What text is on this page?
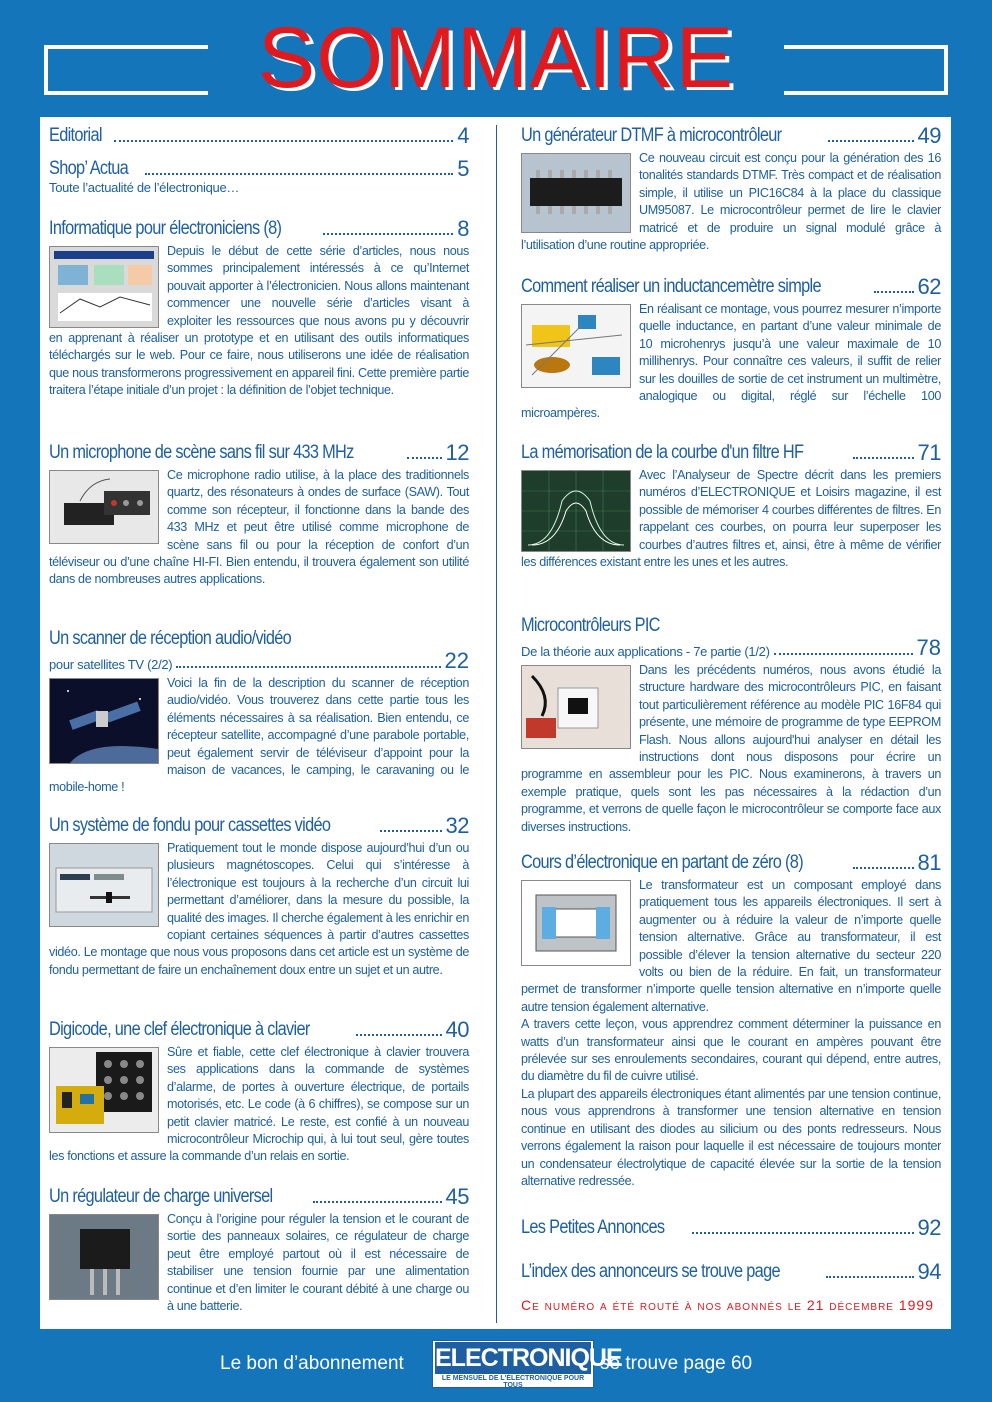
SOMMAIRE
Editorial	4
Shop’ Actua	5
Toute l’actualité de l’électronique…
Informatique pour électroniciens (8)	8
Depuis le début de cette série d’articles, nous nous sommes principalement intéressés à ce qu’Internet pouvait apporter à l’électronicien. Nous allons maintenant commencer une nouvelle série d’articles visant à exploiter les ressources que nous avons pu y découvrir en apprenant à réaliser un prototype et en utilisant des outils informatiques téléchargés sur le web. Pour ce faire, nous utiliserons une idée de réalisation que nous transformerons progressivement en appareil fini. Cette première partie traitera l’étape initiale d’un projet : la définition de l’objet technique.
Un microphone de scène sans fil sur 433 MHz	12
Ce microphone radio utilise, à la place des traditionnels quartz, des résonateurs à ondes de surface (SAW). Tout comme son récepteur, il fonctionne dans la bande des 433 MHz et peut être utilisé comme microphone de scène sans fil ou pour la réception de confort d’un téléviseur ou d’une chaîne HI-FI. Bien entendu, il trouvera également son utilité dans de nombreuses autres applications.
Un scanner de réception audio/vidéo
pour satellites TV (2/2)	22
Voici la fin de la description du scanner de réception audio/vidéo. Vous trouverez dans cette partie tous les éléments nécessaires à sa réalisation. Bien entendu, ce récepteur satellite, accompagné d’une parabole portable, peut également servir de téléviseur d’appoint pour la maison de vacances, le camping, le caravaning ou le mobile-home !
Un système de fondu pour cassettes vidéo	32
Pratiquement tout le monde dispose aujourd’hui d’un ou plusieurs magnétoscopes. Celui qui s’intéresse à l’électronique est toujours à la recherche d’un circuit lui permettant d’améliorer, dans la mesure du possible, la qualité des images. Il cherche également à les enrichir en copiant certaines séquences à partir d’autres cassettes vidéo. Le montage que nous vous proposons dans cet article est un système de fondu permettant de faire un enchaînement doux entre un sujet et un autre.
Digicode, une clef électronique à clavier	40
Sûre et fiable, cette clef électronique à clavier trouvera ses applications dans la commande de systèmes d’alarme, de portes à ouverture électrique, de portails motorisés, etc. Le code (à 6 chiffres), se compose sur un petit clavier matricé. Le reste, est confié à un nouveau microcontrôleur Microchip qui, à lui tout seul, gère toutes les fonctions et assure la commande d’un relais en sortie.
Un régulateur de charge universel	45
Conçu à l’origine pour réguler la tension et le courant de sortie des panneaux solaires, ce régulateur de charge peut être employé partout où il est nécessaire de stabiliser une tension fournie par une alimentation continue et d’en limiter le courant débité à une charge ou à une batterie.
Un générateur DTMF à microcontrôleur	49
Ce nouveau circuit est conçu pour la génération des 16 tonalités standards DTMF. Très compact et de réalisation simple, il utilise un PIC16C84 à la place du classique UM95087. Le microcontrôleur permet de lire le clavier matricé et de produire un signal modulé grâce à l’utilisation d’une routine appropriée.
Comment réaliser un inductancemètre simple	62
En réalisant ce montage, vous pourrez mesurer n’importe quelle inductance, en partant d’une valeur minimale de 10 microhenrys jusqu’à une valeur maximale de 10 millihenrys. Pour connaître ces valeurs, il suffit de relier sur les douilles de sortie de cet instrument un multimètre, analogique ou digital, réglé sur l’échelle 100 microampères.
La mémorisation de la courbe d'un filtre HF	71
Avec l’Analyseur de Spectre décrit dans les premiers numéros d’ELECTRONIQUE et Loisirs magazine, il est possible de mémoriser 4 courbes différentes de filtres. En rappelant ces courbes, on pourra leur superposer les courbes d’autres filtres et, ainsi, être à même de vérifier les différences existant entre les unes et les autres.
Microcontrôleurs PIC
De la théorie aux applications - 7e partie (1/2)	78
Dans les précédents numéros, nous avons étudié la structure hardware des microcontrôleurs PIC, en faisant tout particulièrement référence au modèle PIC 16F84 qui présente, une mémoire de programme de type EEPROM Flash. Nous allons aujourd'hui analyser en détail les instructions dont nous disposons pour écrire un programme en assembleur pour les PIC. Nous examinerons, à travers un exemple pratique, quels sont les pas nécessaires à la rédaction d’un programme, et verrons de quelle façon le microcontrôleur se comporte face aux diverses instructions.
Cours d’électronique en partant de zéro (8)	81
Le transformateur est un composant employé dans pratiquement tous les appareils électroniques. Il sert à augmenter ou à réduire la valeur de n’importe quelle tension alternative. Grâce au transformateur, il est possible d’élever la tension alternative du secteur 220 volts ou bien de la réduire. En fait, un transformateur permet de transformer n’importe quelle tension alternative en n’importe quelle autre tension également alternative.
A travers cette leçon, vous apprendrez comment déterminer la puissance en watts d’un transformateur ainsi que le courant en ampères pouvant être prélevée sur ses enroulements secondaires, courant qui dépend, entre autres, du diamètre du fil de cuivre utilisé.
La plupart des appareils électroniques étant alimentés par une tension continue, nous vous apprendrons à transformer une tension alternative en tension continue en utilisant des diodes au silicium ou des ponts redresseurs. Nous verrons également la raison pour laquelle il est nécessaire de toujours monter un condensateur électrolytique de capacité élevée sur la sortie de la tension alternative redressée.
Les Petites Annonces	92
L’index des annonceurs se trouve page	94
Ce numéro a été routé à nos abonnés le 21 décembre 1999
Le bon d’abonnement ELECTRONIQUE
LE MENSUEL DE L'ÉLECTRONIQUE POUR TOUS
se trouve page 60
